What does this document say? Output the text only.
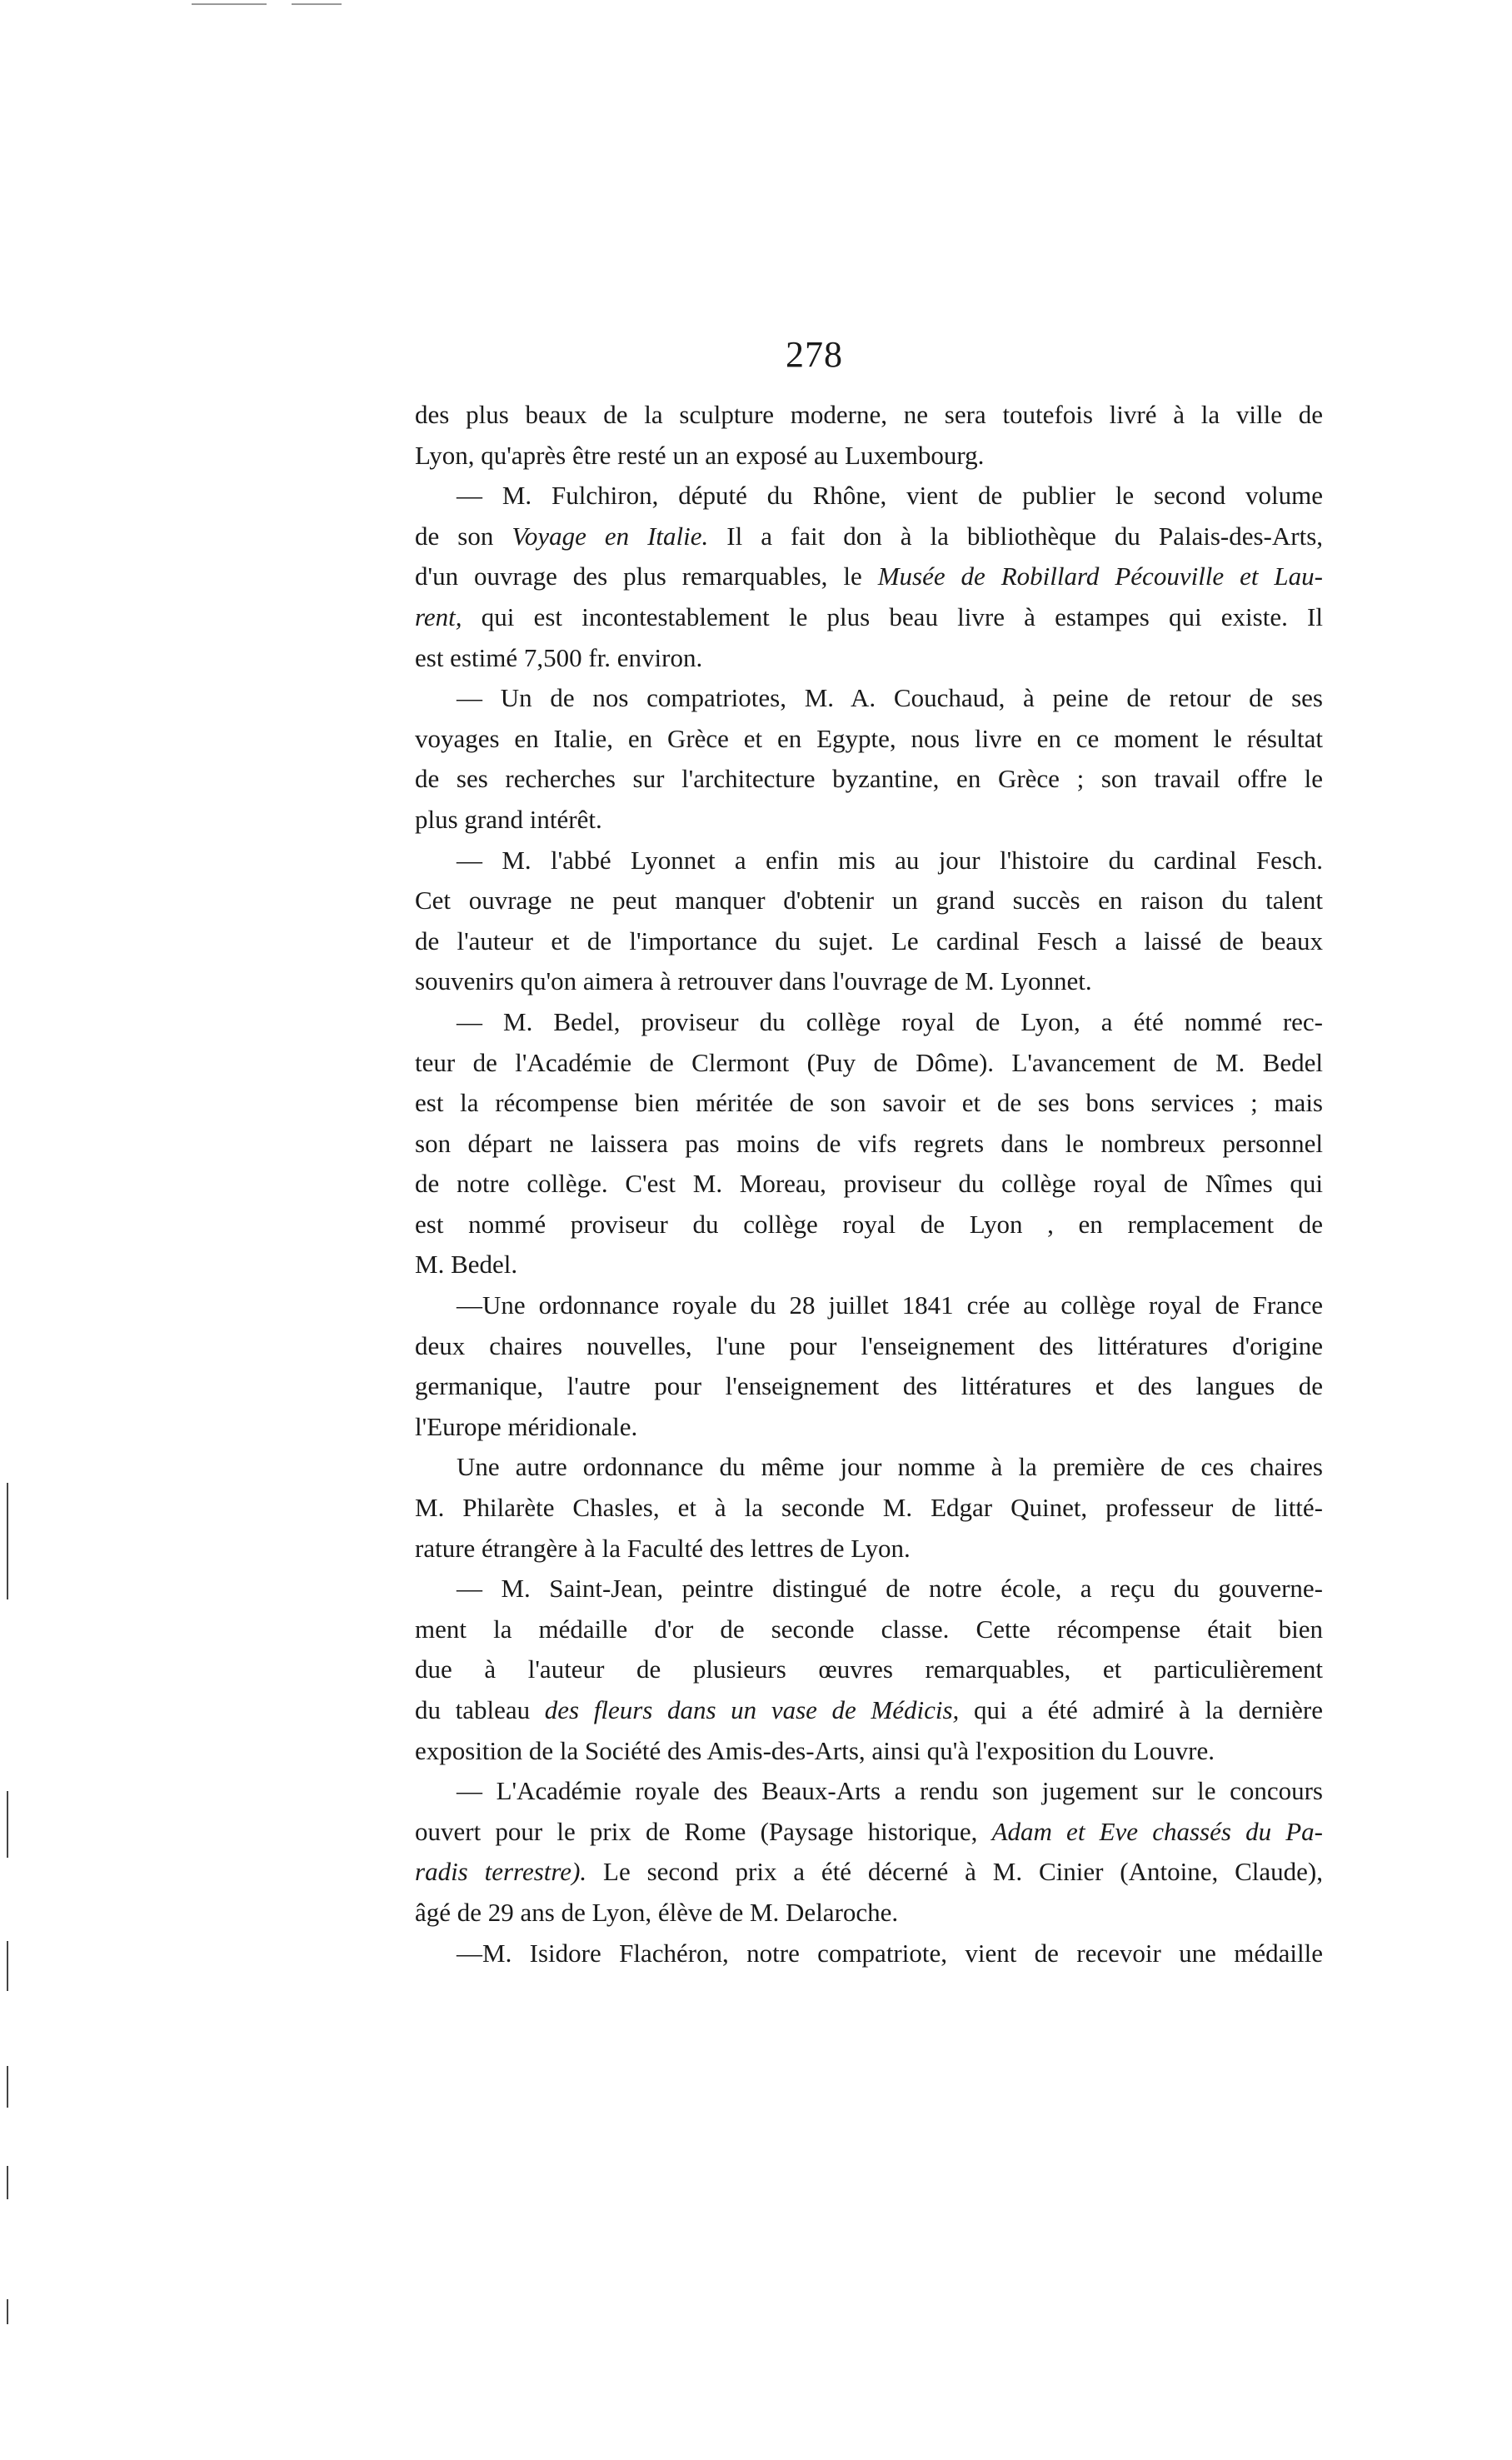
278
des plus beaux de la sculpture moderne, ne sera toutefois livré à la ville de
Lyon, qu'après être resté un an exposé au Luxembourg.
— M. Fulchiron, député du Rhône, vient de publier le second volume
de son Voyage en Italie. Il a fait don à la bibliothèque du Palais-des-Arts,
d'un ouvrage des plus remarquables, le Musée de Robillard Pécouville et Lau-
rent, qui est incontestablement le plus beau livre à estampes qui existe. Il
est estimé 7,500 fr. environ.
— Un de nos compatriotes, M. A. Couchaud, à peine de retour de ses
voyages en Italie, en Grèce et en Egypte, nous livre en ce moment le résultat
de ses recherches sur l'architecture byzantine, en Grèce ; son travail offre le
plus grand intérêt.
— M. l'abbé Lyonnet a enfin mis au jour l'histoire du cardinal Fesch.
Cet ouvrage ne peut manquer d'obtenir un grand succès en raison du talent
de l'auteur et de l'importance du sujet. Le cardinal Fesch a laissé de beaux
souvenirs qu'on aimera à retrouver dans l'ouvrage de M. Lyonnet.
— M. Bedel, proviseur du collège royal de Lyon, a été nommé rec-
teur de l'Académie de Clermont (Puy de Dôme). L'avancement de M. Bedel
est la récompense bien méritée de son savoir et de ses bons services ; mais
son départ ne laissera pas moins de vifs regrets dans le nombreux personnel
de notre collège. C'est M. Moreau, proviseur du collège royal de Nîmes qui
est nommé proviseur du collège royal de Lyon , en remplacement de
M. Bedel.
—Une ordonnance royale du 28 juillet 1841 crée au collège royal de France
deux chaires nouvelles, l'une pour l'enseignement des littératures d'origine
germanique, l'autre pour l'enseignement des littératures et des langues de
l'Europe méridionale.
Une autre ordonnance du même jour nomme à la première de ces chaires
M. Philarète Chasles, et à la seconde M. Edgar Quinet, professeur de litté-
rature étrangère à la Faculté des lettres de Lyon.
— M. Saint-Jean, peintre distingué de notre école, a reçu du gouverne-
ment la médaille d'or de seconde classe. Cette récompense était bien
due à l'auteur de plusieurs œuvres remarquables, et particulièrement
du tableau des fleurs dans un vase de Médicis, qui a été admiré à la dernière
exposition de la Société des Amis-des-Arts, ainsi qu'à l'exposition du Louvre.
— L'Académie royale des Beaux-Arts a rendu son jugement sur le concours
ouvert pour le prix de Rome (Paysage historique, Adam et Eve chassés du Pa-
radis terrestre). Le second prix a été décerné à M. Cinier (Antoine, Claude),
âgé de 29 ans de Lyon, élève de M. Delaroche.
—M. Isidore Flachéron, notre compatriote, vient de recevoir une médaille
